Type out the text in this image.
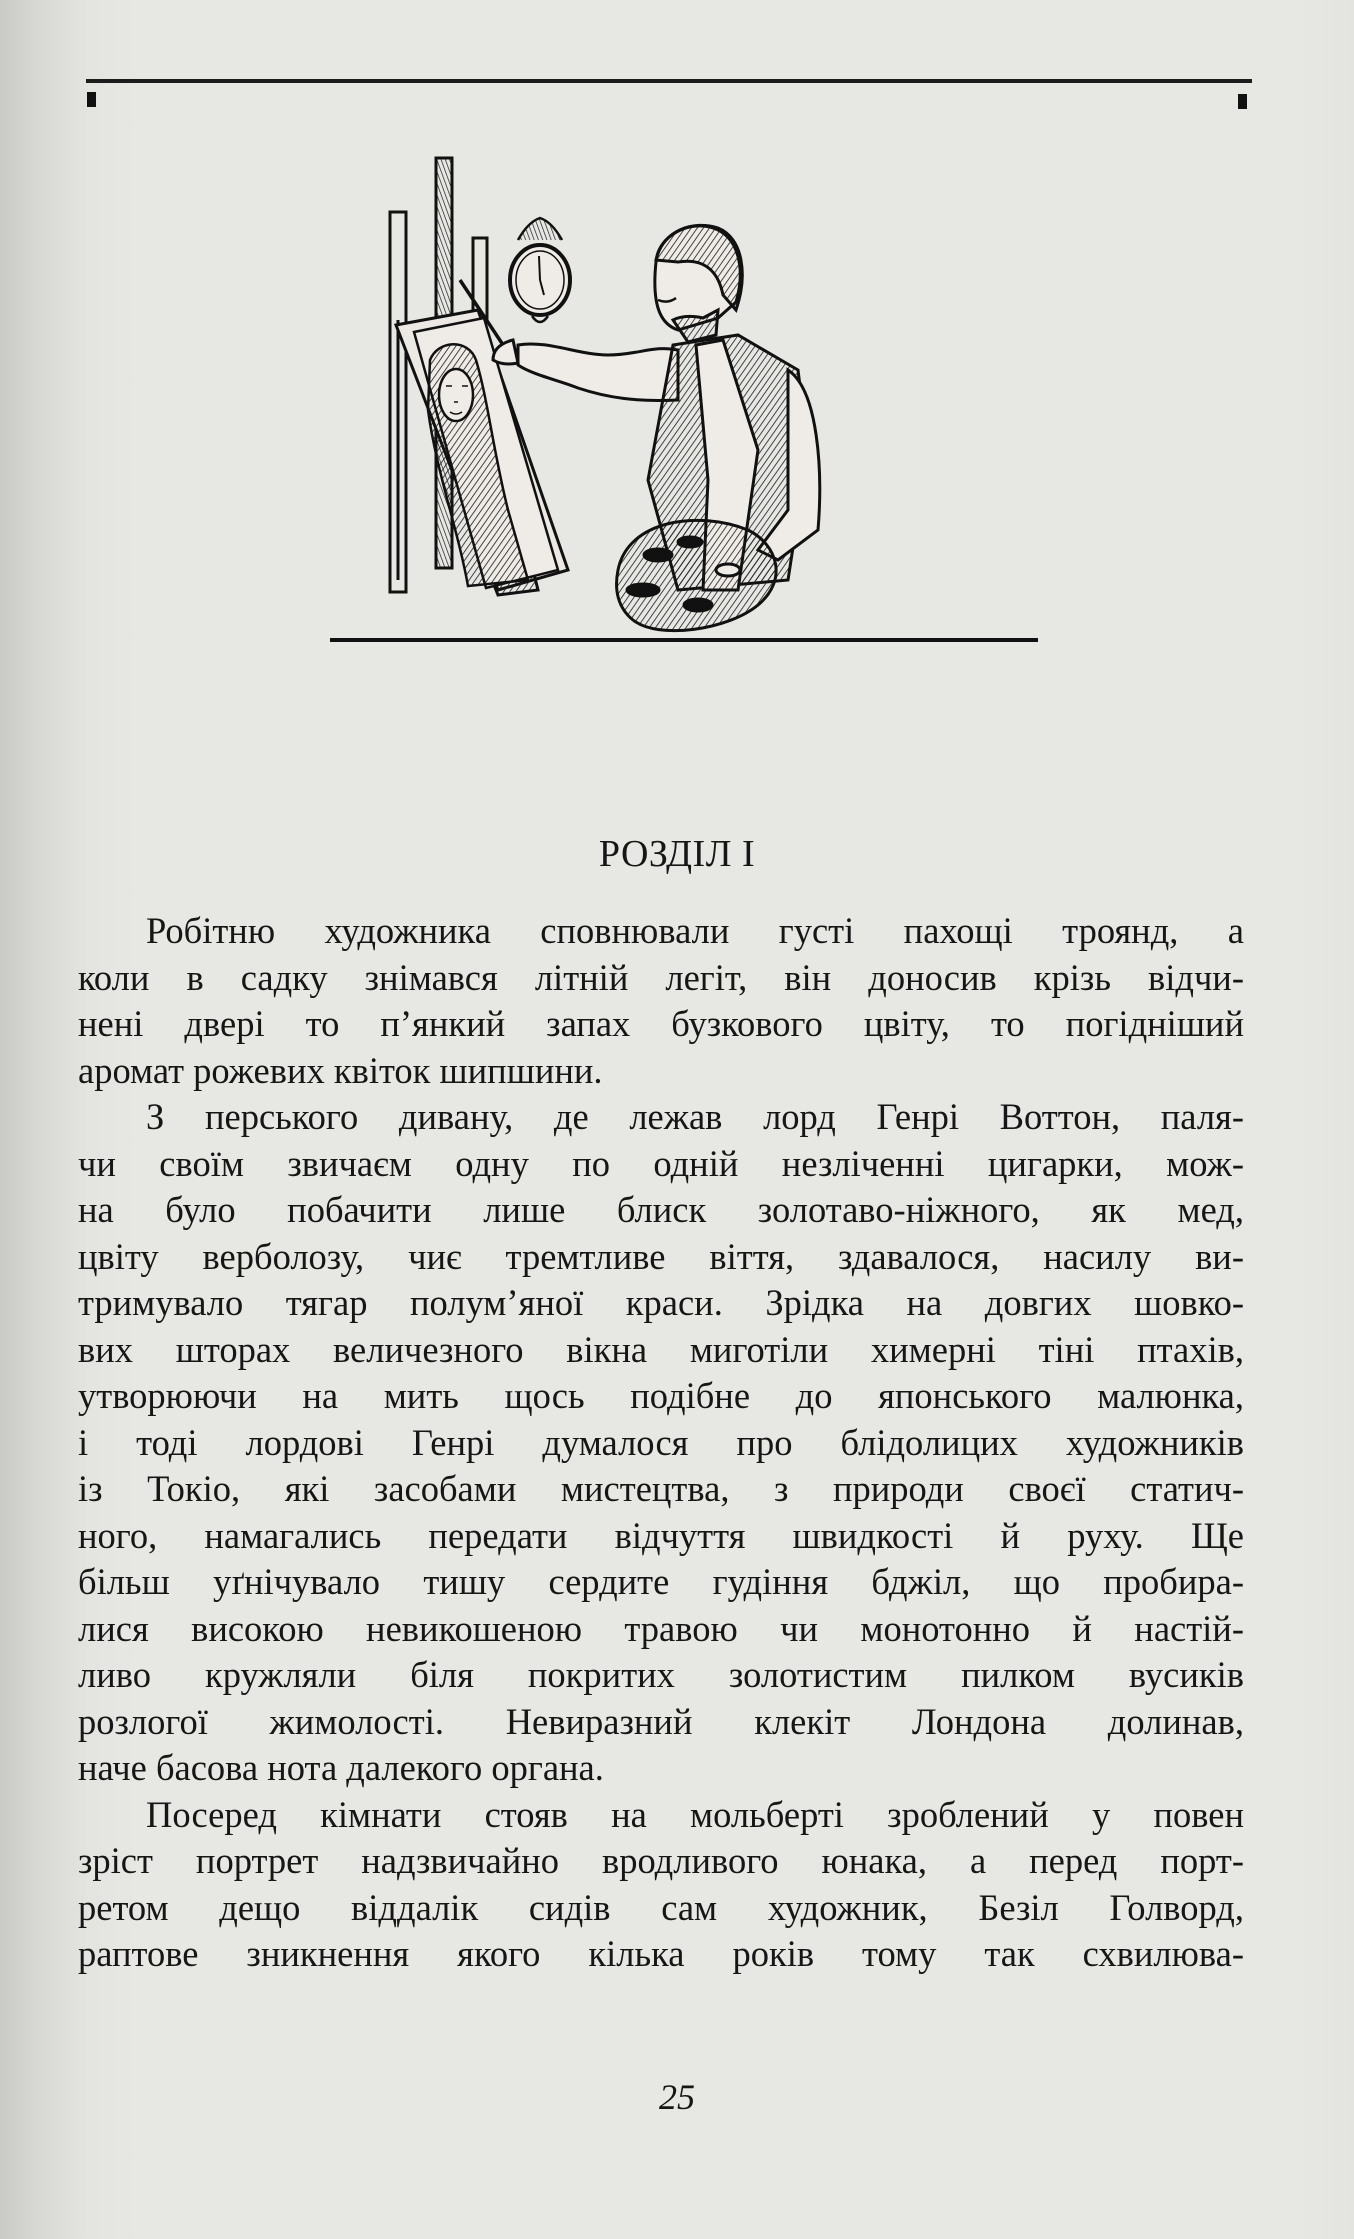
РОЗДІЛ I
Робітню художника сповнювали густі пахощі троянд, а
коли в садку знімався літній легіт, він доносив крізь відчи-
нені двері то п’янкий запах бузкового цвіту, то погідніший
аромат рожевих квіток шипшини.
З перського дивану, де лежав лорд Генрі Воттон, паля-
чи своїм звичаєм одну по одній незліченні цигарки, мож-
на було побачити лише блиск золотаво-ніжного, як мед,
цвіту верболозу, чиє тремтливе віття, здавалося, насилу ви-
тримувало тягар полум’яної краси. Зрідка на довгих шовко-
вих шторах величезного вікна миготіли химерні тіні птахів,
утворюючи на мить щось подібне до японського малюнка,
і тоді лордові Генрі думалося про блідолицих художників
із Токіо, які засобами мистецтва, з природи своєї статич-
ного, намагались передати відчуття швидкості й руху. Ще
більш уґнічувало тишу сердите гудіння бджіл, що пробира-
лися високою невикошеною травою чи монотонно й настій-
ливо кружляли біля покритих золотистим пилком вусиків
розлогої жимолості. Невиразний клекіт Лондона долинав,
наче басова нота далекого органа.
Посеред кімнати стояв на мольберті зроблений у повен
зріст портрет надзвичайно вродливого юнака, а перед порт-
ретом дещо віддалік сидів сам художник, Безіл Голворд,
раптове зникнення якого кілька років тому так схвилюва-
25
